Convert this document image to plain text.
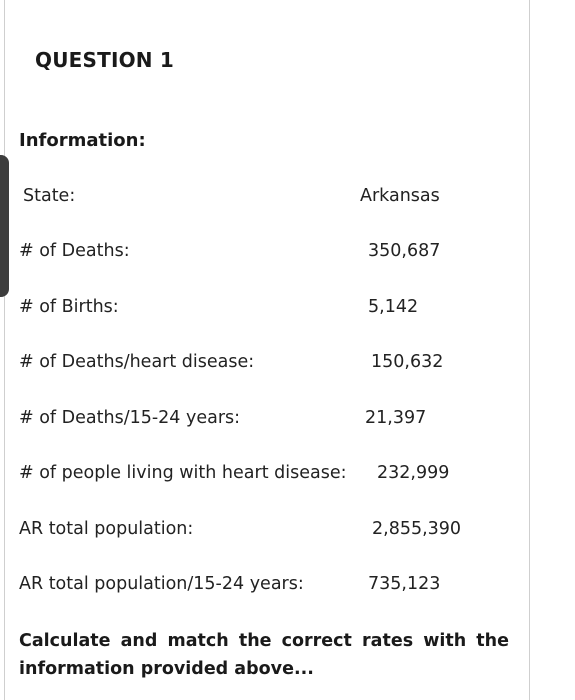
QUESTION 1
Information:
State:	Arkansas
# of Deaths:	350,687
# of Births:	5,142
# of Deaths/heart disease:	150,632
# of Deaths/15-24 years:	21,397
# of people living with heart disease: 232,999
AR total population:	2,855,390
AR total population/15-24 years:	735,123
Calculate and match the correct rates with the information provided above...
